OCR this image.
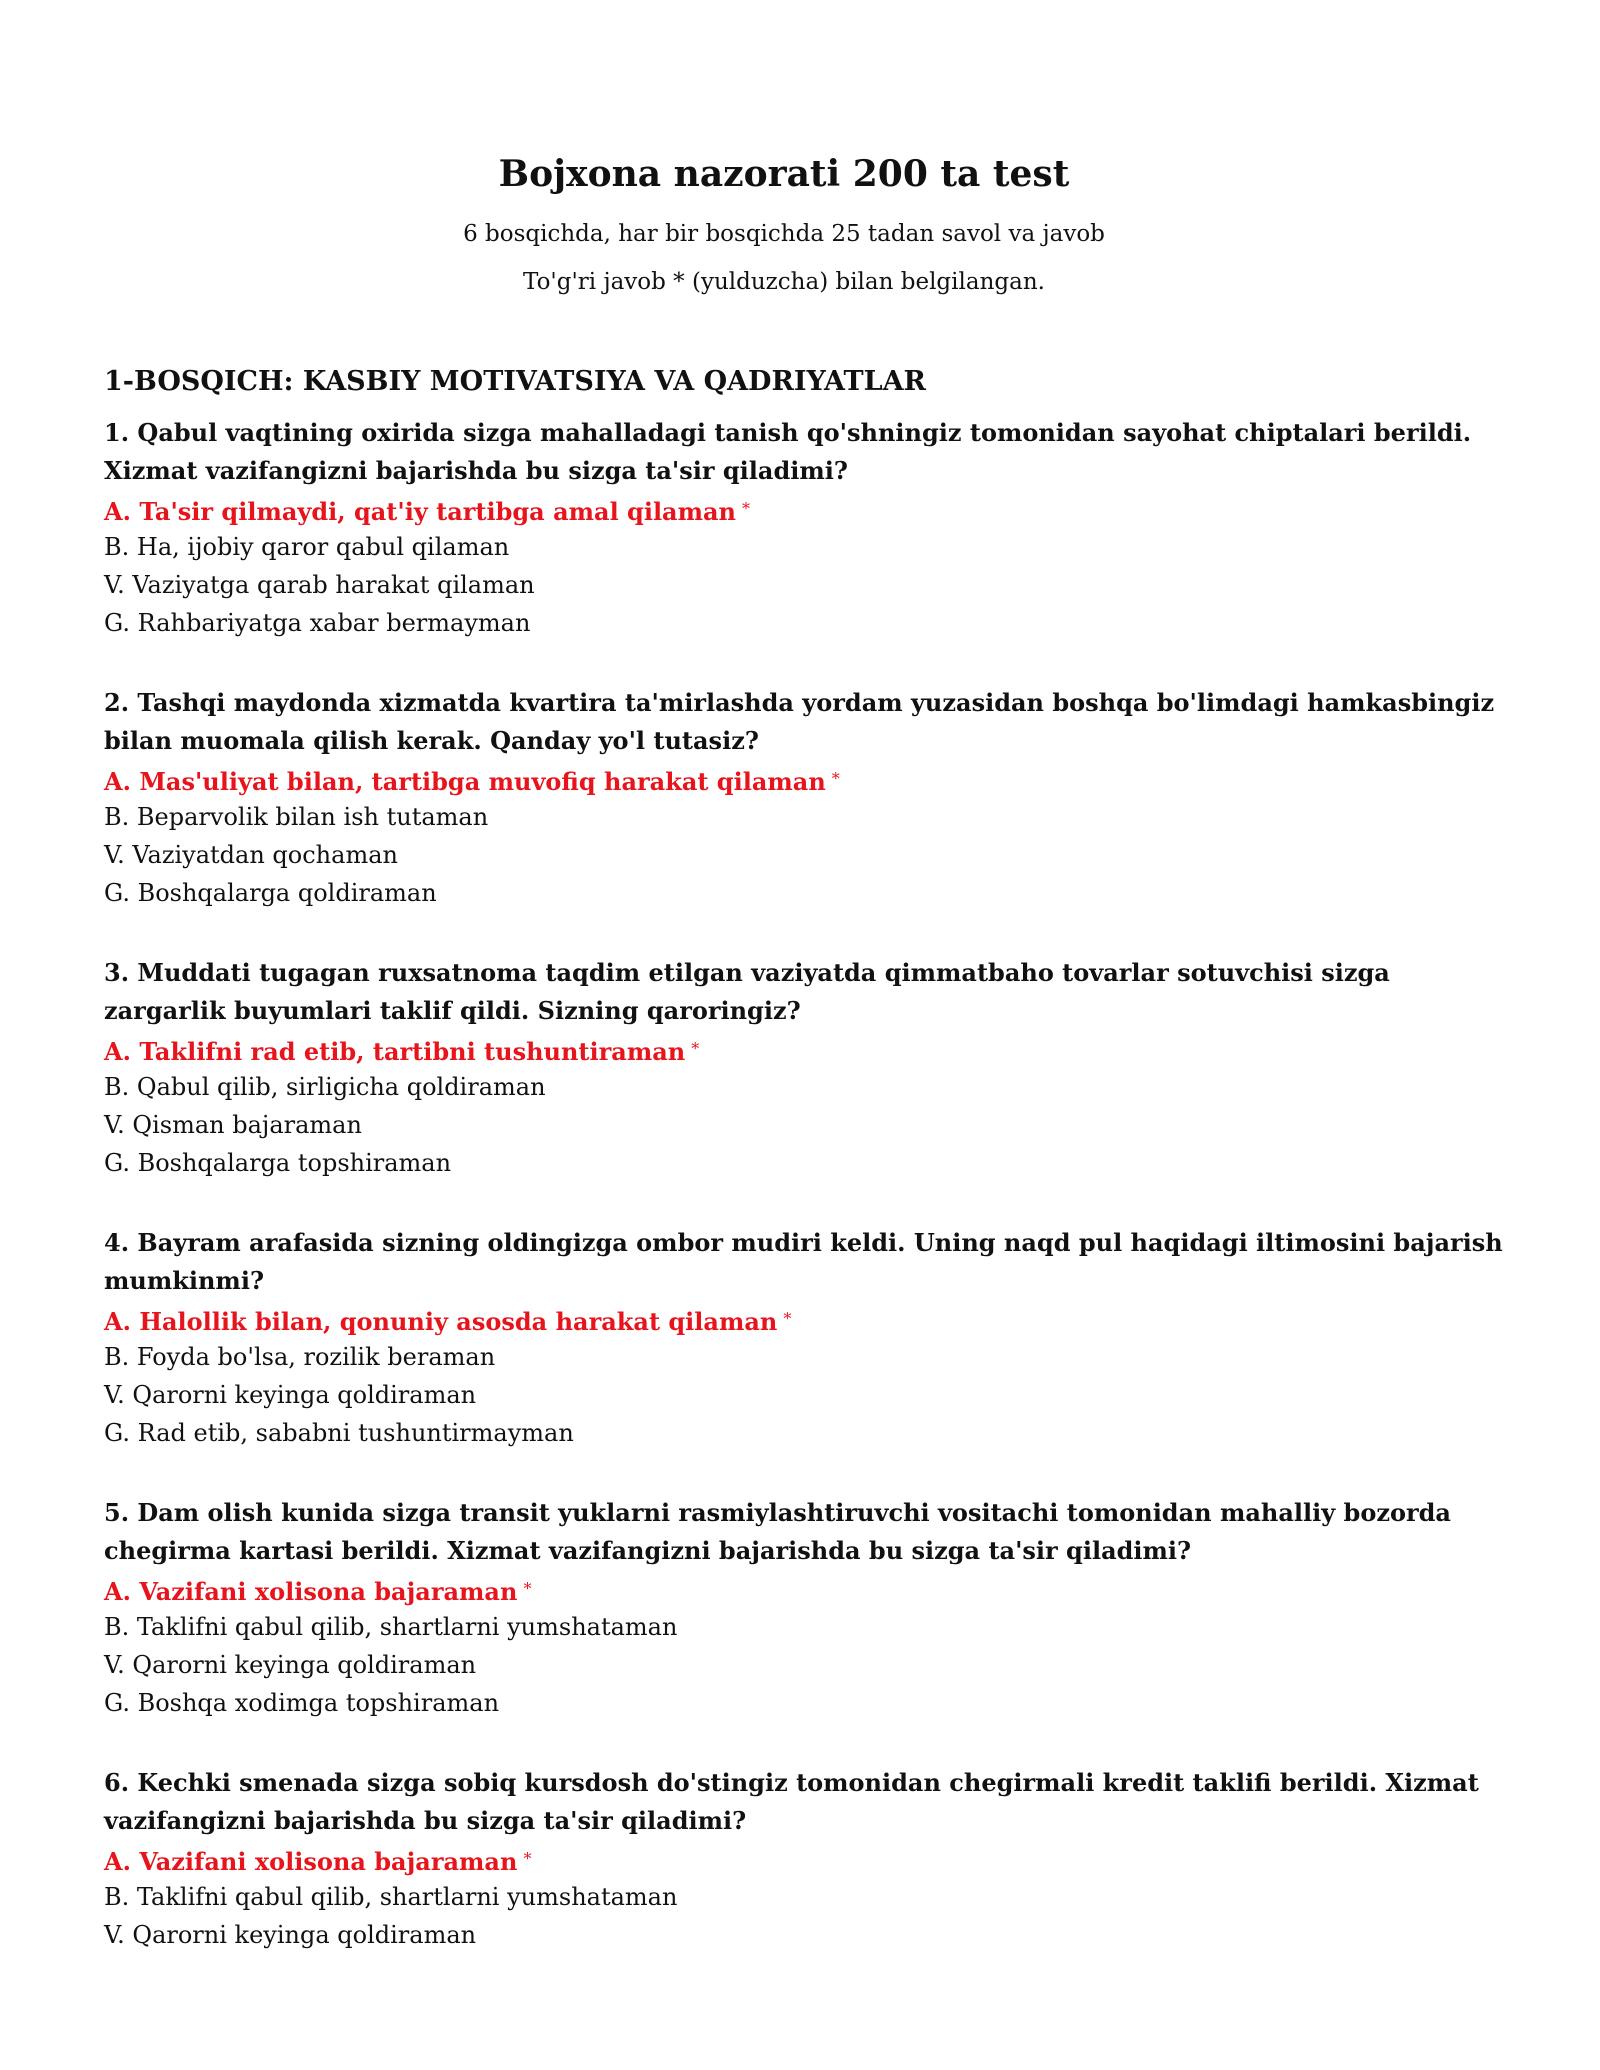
Bojxona nazorati 200 ta test
6 bosqichda, har bir bosqichda 25 tadan savol va javob
To'g'ri javob * (yulduzcha) bilan belgilangan.
1-BOSQICH: KASBIY MOTIVATSIYA VA QADRIYATLAR

1. Qabul vaqtining oxirida sizga mahalladagi tanish qo'shningiz tomonidan sayohat chiptalari berildi. Xizmat vazifangizni bajarishda bu sizga ta'sir qiladimi?

A. Ta'sir qilmaydi, qat'iy tartibga amal qilaman *
B. Ha, ijobiy qaror qabul qilaman
V. Vaziyatga qarab harakat qilaman
G. Rahbariyatga xabar bermayman

2. Tashqi maydonda xizmatda kvartira ta'mirlashda yordam yuzasidan boshqa bo'limdagi hamkasbingiz bilan muomala qilish kerak. Qanday yo'l tutasiz?

A. Mas'uliyat bilan, tartibga muvofiq harakat qilaman *
B. Beparvolik bilan ish tutaman
V. Vaziyatdan qochaman
G. Boshqalarga qoldiraman

3. Muddati tugagan ruxsatnoma taqdim etilgan vaziyatda qimmatbaho tovarlar sotuvchisi sizga zargarlik buyumlari taklif qildi. Sizning qaroringiz?

A. Taklifni rad etib, tartibni tushuntiraman *
B. Qabul qilib, sirligicha qoldiraman
V. Qisman bajaraman
G. Boshqalarga topshiraman

4. Bayram arafasida sizning oldingizga ombor mudiri keldi. Uning naqd pul haqidagi iltimosini bajarish mumkinmi?

A. Halollik bilan, qonuniy asosda harakat qilaman *
B. Foyda bo'lsa, rozilik beraman
V. Qarorni keyinga qoldiraman
G. Rad etib, sababni tushuntirmayman

5. Dam olish kunida sizga transit yuklarni rasmiylashtiruvchi vositachi tomonidan mahalliy bozorda chegirma kartasi berildi. Xizmat vazifangizni bajarishda bu sizga ta'sir qiladimi?

A. Vazifani xolisona bajaraman *
B. Taklifni qabul qilib, shartlarni yumshataman
V. Qarorni keyinga qoldiraman
G. Boshqa xodimga topshiraman

6. Kechki smenada sizga sobiq kursdosh do'stingiz tomonidan chegirmali kredit taklifi berildi. Xizmat vazifangizni bajarishda bu sizga ta'sir qiladimi?

A. Vazifani xolisona bajaraman *
B. Taklifni qabul qilib, shartlarni yumshataman
V. Qarorni keyinga qoldiraman
